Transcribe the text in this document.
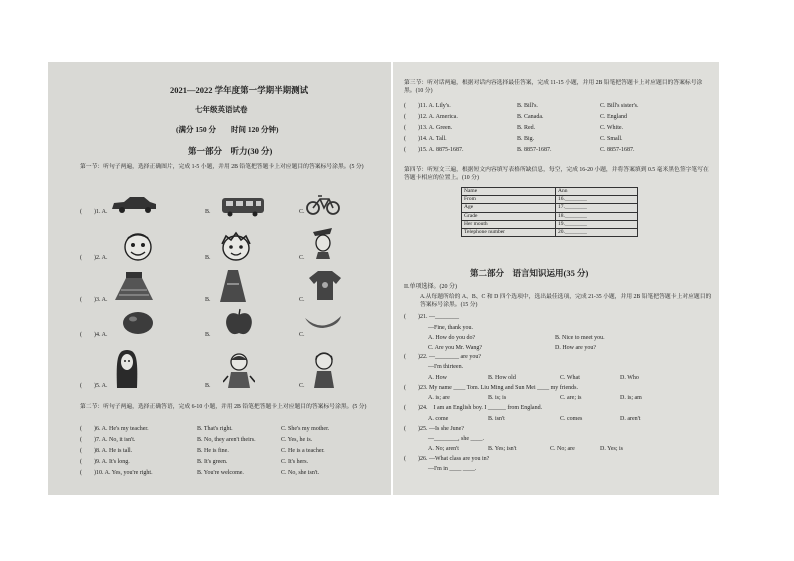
2021—2022 学年度第一学期半期测试
七年级英语试卷
(满分 150 分　　时间 120 分钟)
第一部分　听力(30 分)
第一节：听句子两遍，选择正确图片，完成 1-5 小题，并用 2B 铅笔把答题卡上对应题目的答案标号涂黑。(5 分)
(　　)1. A.	B.	C.
(　　)2. A.	B.	C.
(　　)3. A.	B.	C.
(　　)4. A.	B.	C.
(　　)5. A.	B.	C.
第二节：听句子两遍，选择正确答语，完成 6-10 小题，并用 2B 铅笔把答题卡上对应题目的答案标号涂黑。(5 分)
(　　)6. A. He's my teacher.	B. That's right.	C. She's my mother.
(　　)7. A. No, it isn't.	B. No, they aren't theirs.	C. Yes, he is.
(　　)8. A. He is tall.	B. He is fine.	C. He is a teacher.
(　　)9. A. It's long.	B. It's green.	C. It's hers.
(　　)10. A. Yes, you're right.	B. You're welcome.	C. No, she isn't.
第三节：听对话两遍，根据对话内容选择最佳答案，完成 11-15 小题，并用 2B 铅笔把答题卡上对应题目的答案标号涂黑。(10 分)
(　　)11. A. Lily's.	B. Bill's.	C. Bill's sister's.
(　　)12. A. America.	B. Canada.	C. England
(　　)13. A. Green.	B. Red.	C. White.
(　　)14. A. Tall.	B. Big.	C. Small.
(　　)15. A. 8875-1687.	B. 8857-1687.	C. 8857-1687.
第四节：听短文三遍，根据短文内容填写表格所缺信息，每空，完成 16-20 小题，并将答案填到 0.5 毫米黑色签字笔写在答题卡相应的位置上。(10 分)
Name	Ann
From	16.________
Age	17.________
Grade	18.________
Her mouth	19.________
Telephone number	20.________
第二部分　语言知识运用(35 分)
II.单项选择。(20 分)
A.从每题所给的 A、B、C 和 D 四个选项中，选出最佳选项，完成 21-35 小题，并用 2B 铅笔把答题卡上对应题目的答案标号涂黑。(15 分)
(　　)21. —________
—Fine, thank you.
A. How do you do?	B. Nice to meet you.
C. Are you Mr. Wang?	D. How are you?
(　　)22. —________ are you?
—I'm thirteen.
A. How	B. How old	C. What	D. Who
(　　)23. My name ____ Tom. Liu Ming and Sun Mei ____ my friends.
A. is; are	B. is; is	C. are; is	D. is; am
(　　)24.　I am an English boy. I ______ from England.
A. come	B. isn't	C. comes	D. aren't
(　　)25. —Is she June?
—________, she ____.
A. No; aren't	B. Yes; isn't	C. No; are	D. Yes; is
(　　)26. —What class are you in?
—I'm in ____ ____.
